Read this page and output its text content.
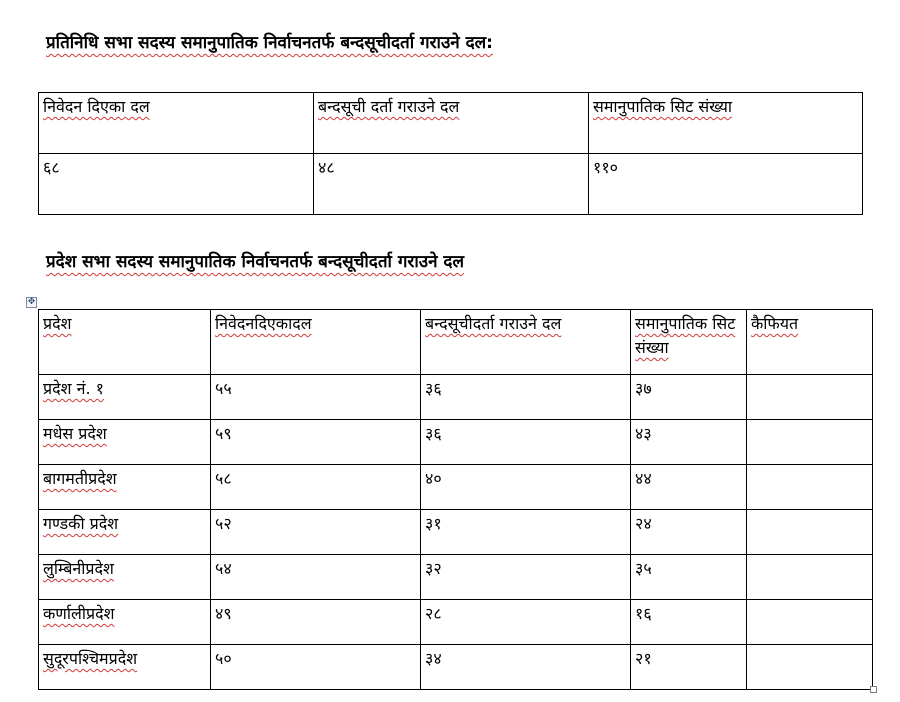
प्रतिनिधि सभा सदस्य समानुपातिक निर्वाचनतर्फ बन्दसूचीदर्ता गराउने दल:
निवेदन दिएका दल	बन्दसूची दर्ता गराउने दल	समानुपातिक सिट संख्या
६८	४८	११०
प्रदेश सभा सदस्य समानुपातिक निर्वाचनतर्फ बन्दसूचीदर्ता गराउने दल
✥
प्रदेश	निवेदनदिएकादल	बन्दसूचीदर्ता गराउने दल	समानुपातिक सिट संख्या	कैफियत
प्रदेश नं. १	५५	३६	३७	
मधेस प्रदेश	५९	३६	४३	
बागमतीप्रदेश	५८	४०	४४	
गण्डकी प्रदेश	५२	३१	२४	
लुम्बिनीप्रदेश	५४	३२	३५	
कर्णालीप्रदेश	४९	२८	१६	
सुदूरपश्चिमप्रदेश	५०	३४	२१	
